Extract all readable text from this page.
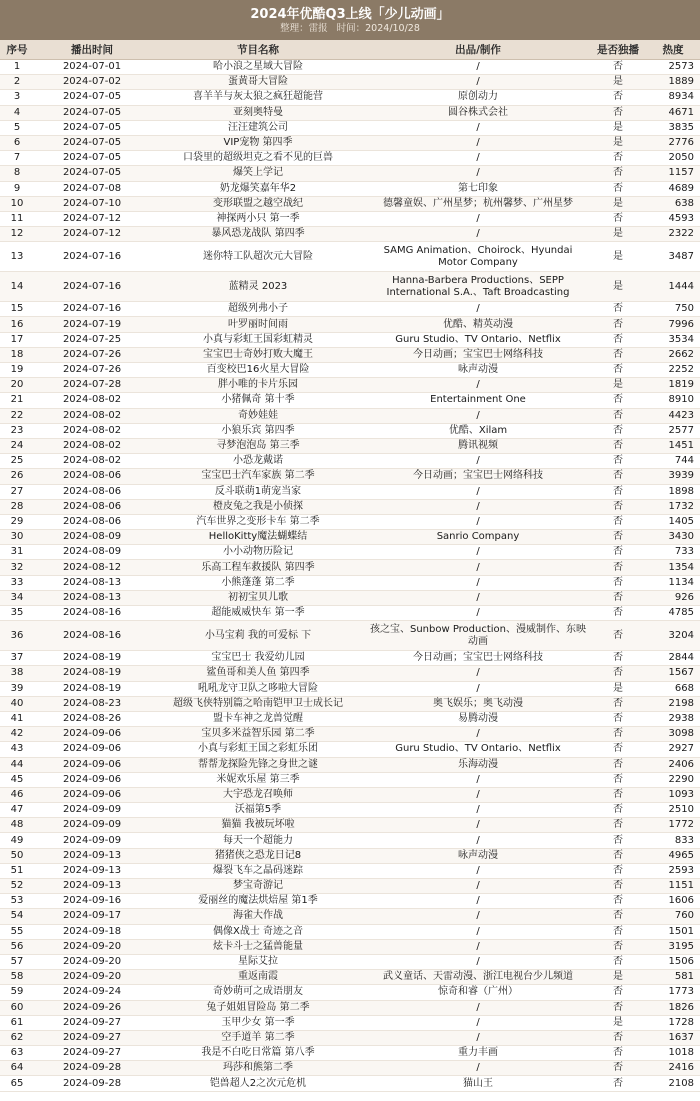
2024年优酷Q3上线「少儿动画」
整理：雷报 时间：2024/10/28
序号	播出时间	节目名称	出品/制作	是否独播	热度
1	2024-07-01	哈小浪之星域大冒险	/	否	2573
2	2024-07-02	蛋黄哥大冒险	/	是	1889
3	2024-07-05	喜羊羊与灰太狼之疯狂超能营	原创动力	否	8934
4	2024-07-05	亚刻奥特曼	圆谷株式会社	否	4671
5	2024-07-05	汪汪建筑公司	/	是	3835
6	2024-07-05	VIP宠物 第四季	/	是	2776
7	2024-07-05	口袋里的超级坦克之看不见的巨兽	/	否	2050
8	2024-07-05	爆笑上学记	/	否	1157
9	2024-07-08	奶龙爆笑嘉年华2	第七印象	否	4689
10	2024-07-10	变形联盟之越空战纪	德馨童娱、广州星梦；杭州馨梦、广州星梦	是	638
11	2024-07-12	神探两小只 第一季	/	否	4593
12	2024-07-12	暴风恐龙战队 第四季	/	是	2322
13	2024-07-16	迷你特工队超次元大冒险	SAMG Animation、Choirock、Hyundai Motor Company	是	3487
14	2024-07-16	蓝精灵 2023	Hanna-Barbera Productions、SEPP International S.A.、Taft Broadcasting	是	1444
15	2024-07-16	超级列弗小子	/	否	750
16	2024-07-19	叶罗丽时间雨	优酷、精英动漫	否	7996
17	2024-07-25	小真与彩虹王国彩虹精灵	Guru Studio、TV Ontario、Netflix	否	3534
18	2024-07-26	宝宝巴士奇妙打败大魔王	今日动画；宝宝巴士网络科技	否	2662
19	2024-07-26	百变校巴16火星大冒险	咏声动漫	否	2252
20	2024-07-28	胖小唯的卡片乐园	/	是	1819
21	2024-08-02	小猪佩奇 第十季	Entertainment One	否	8910
22	2024-08-02	奇妙娃娃	/	否	4423
23	2024-08-02	小狼乐宾 第四季	优酷、Xilam	否	2577
24	2024-08-02	寻梦泡泡岛 第三季	腾讯视频	否	1451
25	2024-08-02	小恐龙戴诺	/	否	744
26	2024-08-06	宝宝巴士汽车家族 第二季	今日动画；宝宝巴士网络科技	否	3939
27	2024-08-06	反斗联萌1萌宠当家	/	否	1898
28	2024-08-06	橙皮兔之我是小侦探	/	否	1732
29	2024-08-06	汽车世界之变形卡车 第二季	/	否	1405
30	2024-08-09	HelloKitty魔法蝴蝶结	Sanrio Company	否	3430
31	2024-08-09	小小动物历险记	/	否	733
32	2024-08-12	乐高工程车救援队 第四季	/	否	1354
33	2024-08-13	小熊蓬蓬 第二季	/	否	1134
34	2024-08-13	初初宝贝儿歌	/	否	926
35	2024-08-16	超能威威快车 第一季	/	否	4785
36	2024-08-16	小马宝莉 我的可爱标 下	孩之宝、Sunbow Production、漫威制作、东映动画	否	3204
37	2024-08-19	宝宝巴士 我爱幼儿园	今日动画；宝宝巴士网络科技	否	2844
38	2024-08-19	鲨鱼哥和美人鱼 第四季	/	否	1567
39	2024-08-19	吼吼龙守卫队之哆啦大冒险	/	是	668
40	2024-08-23	超级飞侠特别篇之哈南铠甲卫士成长记	奥飞娱乐；奥飞动漫	否	2198
41	2024-08-26	盟卡车神之龙兽觉醒	易腾动漫	否	2938
42	2024-09-06	宝贝多米益智乐园 第二季	/	否	3098
43	2024-09-06	小真与彩虹王国之彩虹乐团	Guru Studio、TV Ontario、Netflix	否	2927
44	2024-09-06	帮帮龙探险先锋之身世之谜	乐海动漫	否	2406
45	2024-09-06	米妮欢乐屋 第三季	/	否	2290
46	2024-09-06	大宇恐龙召唤师	/	否	1093
47	2024-09-09	沃福第5季	/	否	2510
48	2024-09-09	猫猫 我被玩坏啦	/	否	1772
49	2024-09-09	每天一个超能力	/	否	833
50	2024-09-13	猪猪侠之恐龙日记8	咏声动漫	否	4965
51	2024-09-13	爆裂飞车之晶码迷踪	/	否	2593
52	2024-09-13	梦宝奇游记	/	否	1151
53	2024-09-16	爱丽丝的魔法烘焙屋 第1季	/	否	1606
54	2024-09-17	海雀大作战	/	否	760
55	2024-09-18	偶像X战士 奇迹之音	/	否	1501
56	2024-09-20	炫卡斗士之猛兽能量	/	否	3195
57	2024-09-20	星际艾拉	/	否	1506
58	2024-09-20	重返南霞	武义童话、天雷动漫、浙江电视台少儿频道	是	581
59	2024-09-24	奇妙萌可之成语朋友	惊奇和睿（广州）	否	1773
60	2024-09-26	兔子姐姐冒险岛 第二季	/	否	1826
61	2024-09-27	玉甲少女 第一季	/	是	1728
62	2024-09-27	空手道羊 第二季	/	否	1637
63	2024-09-27	我是不白吃日常篇 第八季	重力丰画	否	1018
64	2024-09-28	玛莎和熊第二季	/	否	2416
65	2024-09-28	铠兽超人2之次元危机	猫山王	否	2108
